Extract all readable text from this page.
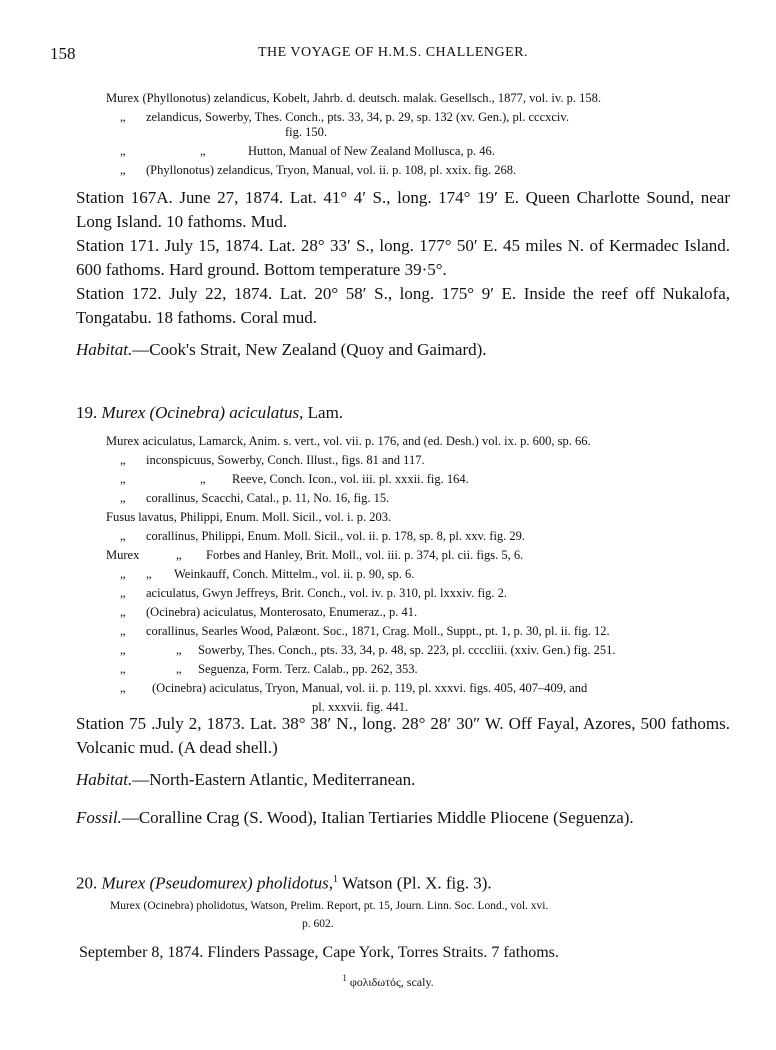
158	THE VOYAGE OF H.M.S. CHALLENGER.
Murex (Phyllonotus) zelandicus, Kobelt, Jahrb. d. deutsch. malak. Gesellsch., 1877, vol. iv. p. 158.
„ zelandicus, Sowerby, Thes. Conch., pts. 33, 34, p. 29, sp. 132 (xv. Gen.), pl. cccxciv.
fig. 150.
„	„	Hutton, Manual of New Zealand Mollusca, p. 46.
„ (Phyllonotus) zelandicus, Tryon, Manual, vol. ii. p. 108, pl. xxix. fig. 268.
Station 167A. June 27, 1874. Lat. 41° 4′ S., long. 174° 19′ E. Queen Charlotte Sound, near Long Island. 10 fathoms. Mud.
Station 171. July 15, 1874. Lat. 28° 33′ S., long. 177° 50′ E. 45 miles N. of Kermadec Island. 600 fathoms. Hard ground. Bottom temperature 39·5°.
Station 172. July 22, 1874. Lat. 20° 58′ S., long. 175° 9′ E. Inside the reef off Nukalofa, Tongatabu. 18 fathoms. Coral mud.
Habitat.—Cook's Strait, New Zealand (Quoy and Gaimard).
19. Murex (Ocinebra) aciculatus, Lam.
Murex aciculatus, Lamarck, Anim. s. vert., vol. vii. p. 176, and (ed. Desh.) vol. ix. p. 600, sp. 66.
„ inconspicuus, Sowerby, Conch. Illust., figs. 81 and 117.
„	„ Reeve, Conch. Icon., vol. iii. pl. xxxii. fig. 164.
„ corallinus, Scacchi, Catal., p. 11, No. 16, fig. 15.
Fusus lavatus, Philippi, Enum. Moll. Sicil., vol. i. p. 203.
„ corallinus, Philippi, Enum. Moll. Sicil., vol. ii. p. 178, sp. 8, pl. xxv. fig. 29.
Murex	„ Forbes and Hanley, Brit. Moll., vol. iii. p. 374, pl. cii. figs. 5, 6.
„ „ Weinkauff, Conch. Mittelm., vol. ii. p. 90, sp. 6.
„ aciculatus, Gwyn Jeffreys, Brit. Conch., vol. iv. p. 310, pl. lxxxiv. fig. 2.
„ (Ocinebra) aciculatus, Monterosato, Enumeraz., p. 41.
„ corallinus, Searles Wood, Palæont. Soc., 1871, Crag. Moll., Suppt., pt. 1, p. 30, pl. ii. fig. 12.
„	„ Sowerby, Thes. Conch., pts. 33, 34, p. 48, sp. 223, pl. ccccliii. (xxiv. Gen.) fig. 251.
„	„ Seguenza, Form. Terz. Calab., pp. 262, 353.
„ (Ocinebra) aciculatus, Tryon, Manual, vol. ii. p. 119, pl. xxxvi. figs. 405, 407–409, and
pl. xxxvii. fig. 441.
Station 75 .July 2, 1873. Lat. 38° 38′ N., long. 28° 28′ 30″ W. Off Fayal, Azores, 500 fathoms. Volcanic mud. (A dead shell.)
Habitat.—North-Eastern Atlantic, Mediterranean.
Fossil.—Coralline Crag (S. Wood), Italian Tertiaries Middle Pliocene (Seguenza).
20. Murex (Pseudomurex) pholidotus,$^1$ Watson (Pl. X. fig. 3).
Murex (Ocinebra) pholidotus, Watson, Prelim. Report, pt. 15, Journ. Linn. Soc. Lond., vol. xvi.
p. 602.
September 8, 1874. Flinders Passage, Cape York, Torres Straits. 7 fathoms.
$^1$ φολιδωτός, scaly.
